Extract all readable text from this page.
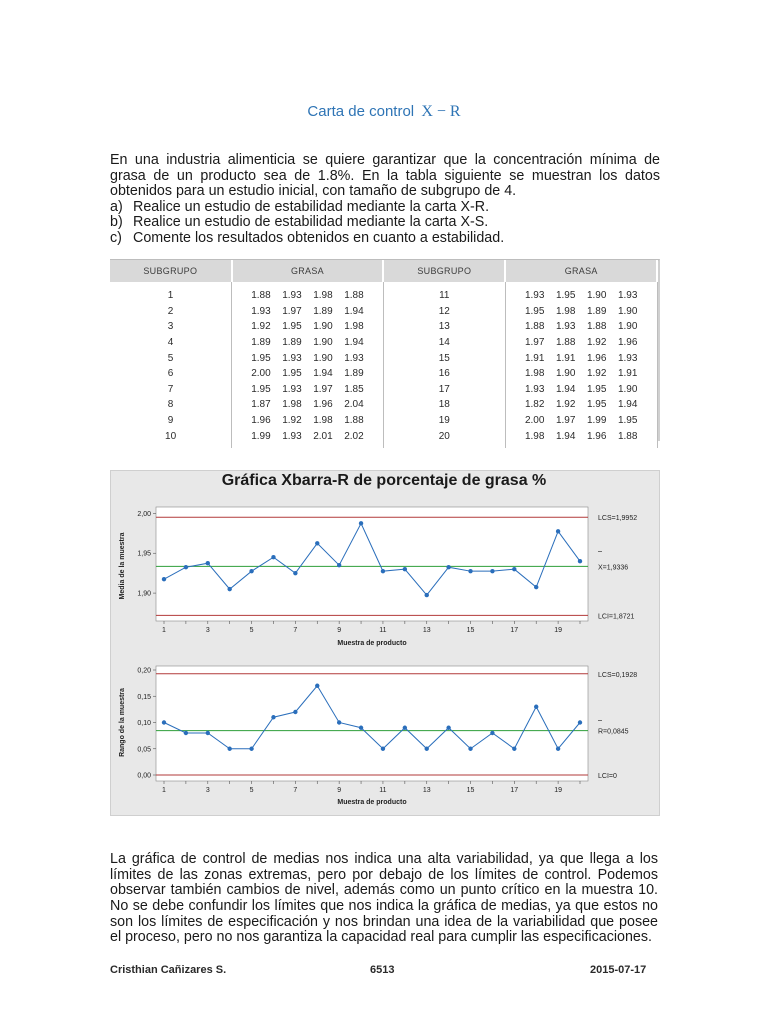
Carta de control X − R

En una industria alimenticia se quiere garantizar que la concentración mínima de grasa de un producto sea de 1.8%. En la tabla siguiente se muestran los datos obtenidos para un estudio inicial, con tamaño de subgrupo de 4.

a) Realice un estudio de estabilidad mediante la carta X-R.
b) Realice un estudio de estabilidad mediante la carta X-S.
c) Comente los resultados obtenidos en cuanto a estabilidad.
SUBGRUPO	GRASA	SUBGRUPO	GRASA
1	1.88 1.93 1.98 1.88	11	1.93 1.95 1.90 1.93
2	1.93 1.97 1.89 1.94	12	1.95 1.98 1.89 1.90
3	1.92 1.95 1.90 1.98	13	1.88 1.93 1.88 1.90
4	1.89 1.89 1.90 1.94	14	1.97 1.88 1.92 1.96
5	1.95 1.93 1.90 1.93	15	1.91 1.91 1.96 1.93
6	2.00 1.95 1.94 1.89	16	1.98 1.90 1.92 1.91
7	1.95 1.93 1.97 1.85	17	1.93 1.94 1.95 1.90
8	1.87 1.98 1.96 2.04	18	1.82 1.92 1.95 1.94
9	1.96 1.92 1.98 1.88	19	2.00 1.97 1.99 1.95
10	1.99 1.93 2.01 2.02	20	1.98 1.94 1.96 1.88
Gráfica Xbarra-R de porcentaje de grasa %
LCS=1,9952
X=1,9336
LCI=1,8721
1,90
1,95
2,00
1	3	5	7	9	11	13	15	17	19
Muestra de producto
Media de la muestra
LCS=0,1928
R=0,0845
LCI=0
0,00
0,05
0,10
0,15
0,20
1	3	5	7	9	11	13	15	17	19
Muestra de producto
Rango de la muestra

La gráfica de control de medias nos indica una alta variabilidad, ya que llega a los límites de las zonas extremas, pero por debajo de los límites de control. Podemos observar también cambios de nivel, además como un punto crítico en la muestra 10. No se debe confundir los límites que nos indica la gráfica de medias, ya que estos no son los límites de especificación y nos brindan una idea de la variabilidad que posee el proceso, pero no nos garantiza la capacidad real para cumplir las especificaciones.

Cristhian Cañizares S.	6513	2015-07-17
